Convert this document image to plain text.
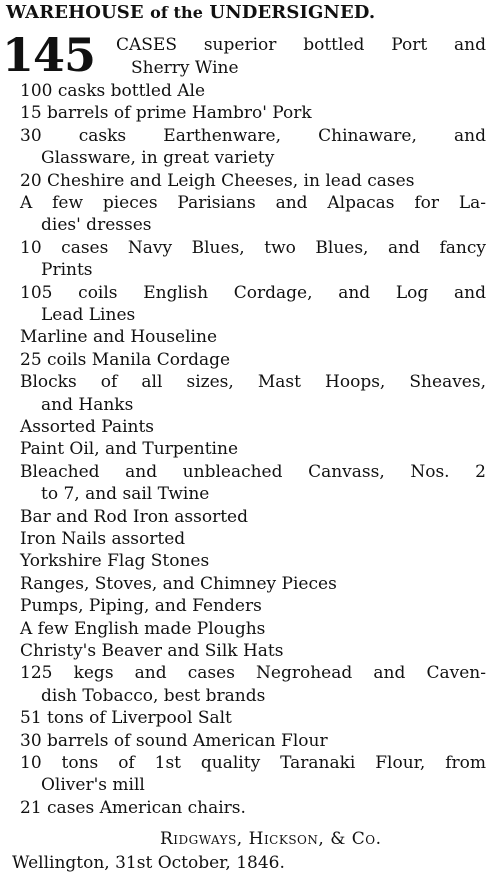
WAREHOUSE of the UNDERSIGNED.
145 CASES superior bottled Port and
Sherry Wine
100 casks bottled Ale
15 barrels of prime Hambro' Pork
30 casks Earthenware, Chinaware, and
Glassware, in great variety
20 Cheshire and Leigh Cheeses, in lead cases
A few pieces Parisians and Alpacas for La-
dies' dresses
10 cases Navy Blues, two Blues, and fancy
Prints
105 coils English Cordage, and Log and
Lead Lines
Marline and Houseline
25 coils Manila Cordage
Blocks of all sizes, Mast Hoops, Sheaves,
and Hanks
Assorted Paints
Paint Oil, and Turpentine
Bleached and unbleached Canvass, Nos. 2
to 7, and sail Twine
Bar and Rod Iron assorted
Iron Nails assorted
Yorkshire Flag Stones
Ranges, Stoves, and Chimney Pieces
Pumps, Piping, and Fenders
A few English made Ploughs
Christy's Beaver and Silk Hats
125 kegs and cases Negrohead and Caven-
dish Tobacco, best brands
51 tons of Liverpool Salt
30 barrels of sound American Flour
10 tons of 1st quality Taranaki Flour, from
Oliver's mill
21 cases American chairs.
Ridgways, Hickson, & Co.
Wellington, 31st October, 1846.
